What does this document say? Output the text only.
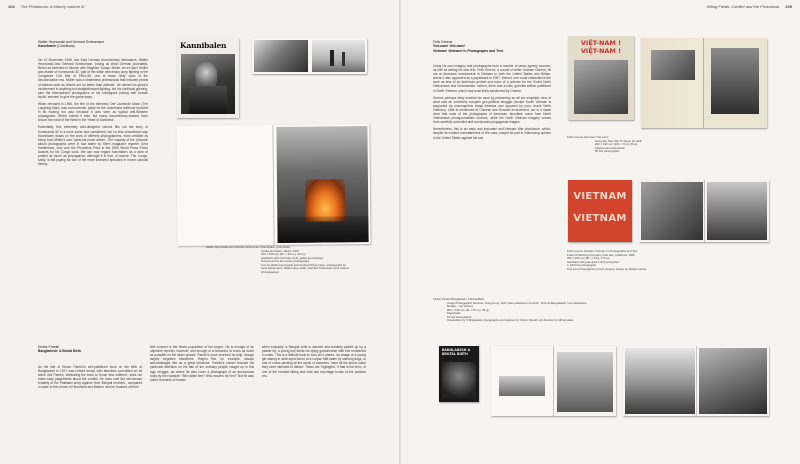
104 The Photobook: A History volume III
Walter Heynowski and Gerhard Scheumann
Kannibalen (Cannibals)

On 10 November 1965, two East German documentary filmmakers, Walter Heynowski and Gerhard Scheumann, posing as West German journalists, filmed an interview in Munich with Siegfried 'Kongo' Müller. An ex-Nazi, Müller was leader of Kommando 52, part of the white mercenary army fighting in the Congolese Civil War of 1964–65, one of those 'dirty' wars of the decolonization era. Müller was a shameless professional that included pearls of wisdom such as 'blacks are no better than animals'. He denied his group's involvement in anything but straightforward fighting, but his continual grinning, plus the interspersed photographs of his colleagues posing with human skulls, seemed to give the game away.

When released in 1966, the film of the interview, Der Lachende Mann (The Laughing Man), was controversial, partly for the underhand methods involved in its making but also because it was seen as typical anti-Western propaganda. Which indeed it was, but many documentary-makers have shown the hand of the West in the 'Heart of Darkness'.

Essentially, this extremely well-designed volume fills out the story of Kommando 52 in a more sober and considered, but no less sensational way. Kannibalen draws on the work of different photographers, most credited as being from Müller's own 'personal photo album'. The majority of the 'pictorial' album photographs were in fact taken by Stern magazine reporter Gerd Heidemann, who won the Photokina Prize in the 1965 World Press Photo Awards for his Congo work. We can now regard Kannibalen as a work of protest as much as propaganda, although it is that, of course. The Congo, sadly, is still paying for one of the more shameful episodes in recent colonial history.

Kannibalen
Walter Heynowski and Gerhard Scheumann Kannibalen (Cannibals)
Verlag der Nation, Berlin, 1967
236 × 168 mm (9¼ × 6⅝ in), 272 pp
Hardback with cloth blue cloth, jacket and slipcase
Numerous b/w and colour photographs
Text by Walter Heynowski and Gerhard Scheumann, photographs by
Gerd Heidemann, Walter Heynowski, Gerhard Scheumann and various
photographers
Kishor Parekh
Bangladesh: A Brutal Birth
As the title of Kishor Parekh's self-published book on the birth of Bangladesh in 1971 was indeed brutal, with atrocities committed on all sides. But Parekh, dedicating the book to 'those who suffered', does not make easy judgements about the conflict. He does note the well-known brutality of the Pakistani army against 'their Bengali brothers', compared in scale to the crimes of Hiroshima and Belsen, and he brushes off their
first concern is the Hindu population of the region. He is enough of an objective reporter, however, and enough of a humanist, to focus as much as possible on the wider picture. Parekh's book received no help, though largely forgotten elsewhere. Raghu Rai, for example, always acknowledges him as a great influence. Parekh's shown focuses his particular attention on the fate of the ordinary people caught up in this ugly struggle, as where he also cover a photograph of an anonymous body by the roadside: 'Who killed him? Who mourns for him?' But he also notes moments of human
when empathy: a Bengali child is washed and tenderly picked up by a passer-by; a young boy feeds his dying grandmother with rice moistened in water. This is a difficult book to look at in places. An image of a young girl staring in wide-eyed horror at a corpse half-eaten by starving dogs, or one of crows pecking at the skulls of cadavers, have all the shock value they were intended to deliver. These are 'highlights', if that is the term, of one of the hardest-hitting and best war reportage books of the postwar era.
Killing Fields: Conflict and the Photobook 105
Felix Greene
Viet-nam! Viet-nam!
Vietnam! Vietnam! in Photographs and Text

Using his own imagery and photographs from a number of press agency sources, as well as writing his own text, Felix Greene, a cousin of writer Graham Greene, hit out at American involvement in Vietnam in both the United States and Britain, where it also appeared as a paperback in 1967. Indeed, one could characterize the work as less of an American protest and more of a polemic for the Soviet North Vietnamese and Communists. Indeed, there was a later, guerrilla edition published in North Vietnam, which was most likely sanctioned by Greene.

Greene perhaps fairly levelled his case by presenting an all too simplistic view of what was an extremely complex geo-political struggle (except South Vietnam is supported by unscrupulous brutal America and opposed by poor, brave North Vietnam). Little is mentioned of Chinese and Russian involvement, nor is it made clear that most of the photographs of American 'atrocities' come from North Vietnamese photojournalistic sources, while the North Vietnam imagery comes from carefully controlled and constructed propaganda images.

Nevertheless, this is an early and important anti-Vietnam War photobook, which, despite its evident overstatement of the case, played its part in influencing opinion in the United States against the war.

VIỆT-NAM ! VIỆT-NAM !
Felix Greene Viet-nam! Viet-nam!
Hung Sai, Sao Nhu Tu Quyet do Vanh
260 × 230 mm (10¼ × 9 in), 84 pp
Stapled card paperback
55 b/w photographs
VIETNAM VIETNAM
Felix Greene Vietnam! Vietnam! in Photographs and Text
Fulton Publishing Company, Palo Alto, California, 1966
250 × 230 mm (9¾ × 9 in), 172 pp
Hardback with pale green cloth and jacket
c. 150 b/w photographs
Text and photographs by Felix Greene; design by Robert Lavine
Kishor Parekh Bangladesh: A Brutal Birth
Image Photographic Services, Hong Kong, 1972 (also published in French, 1972 as Bangladesh: Une Naissance
Brutale – not shown)
280 × 216 mm (11 × 8½ in), 96 pp
Paperback
64 b/w photographs
Introduction by S Mulgaokar; photographs and captions by Kishor Parekh; art direction by Mrinal Hake
BANGLADESH A BRUTAL BIRTH
